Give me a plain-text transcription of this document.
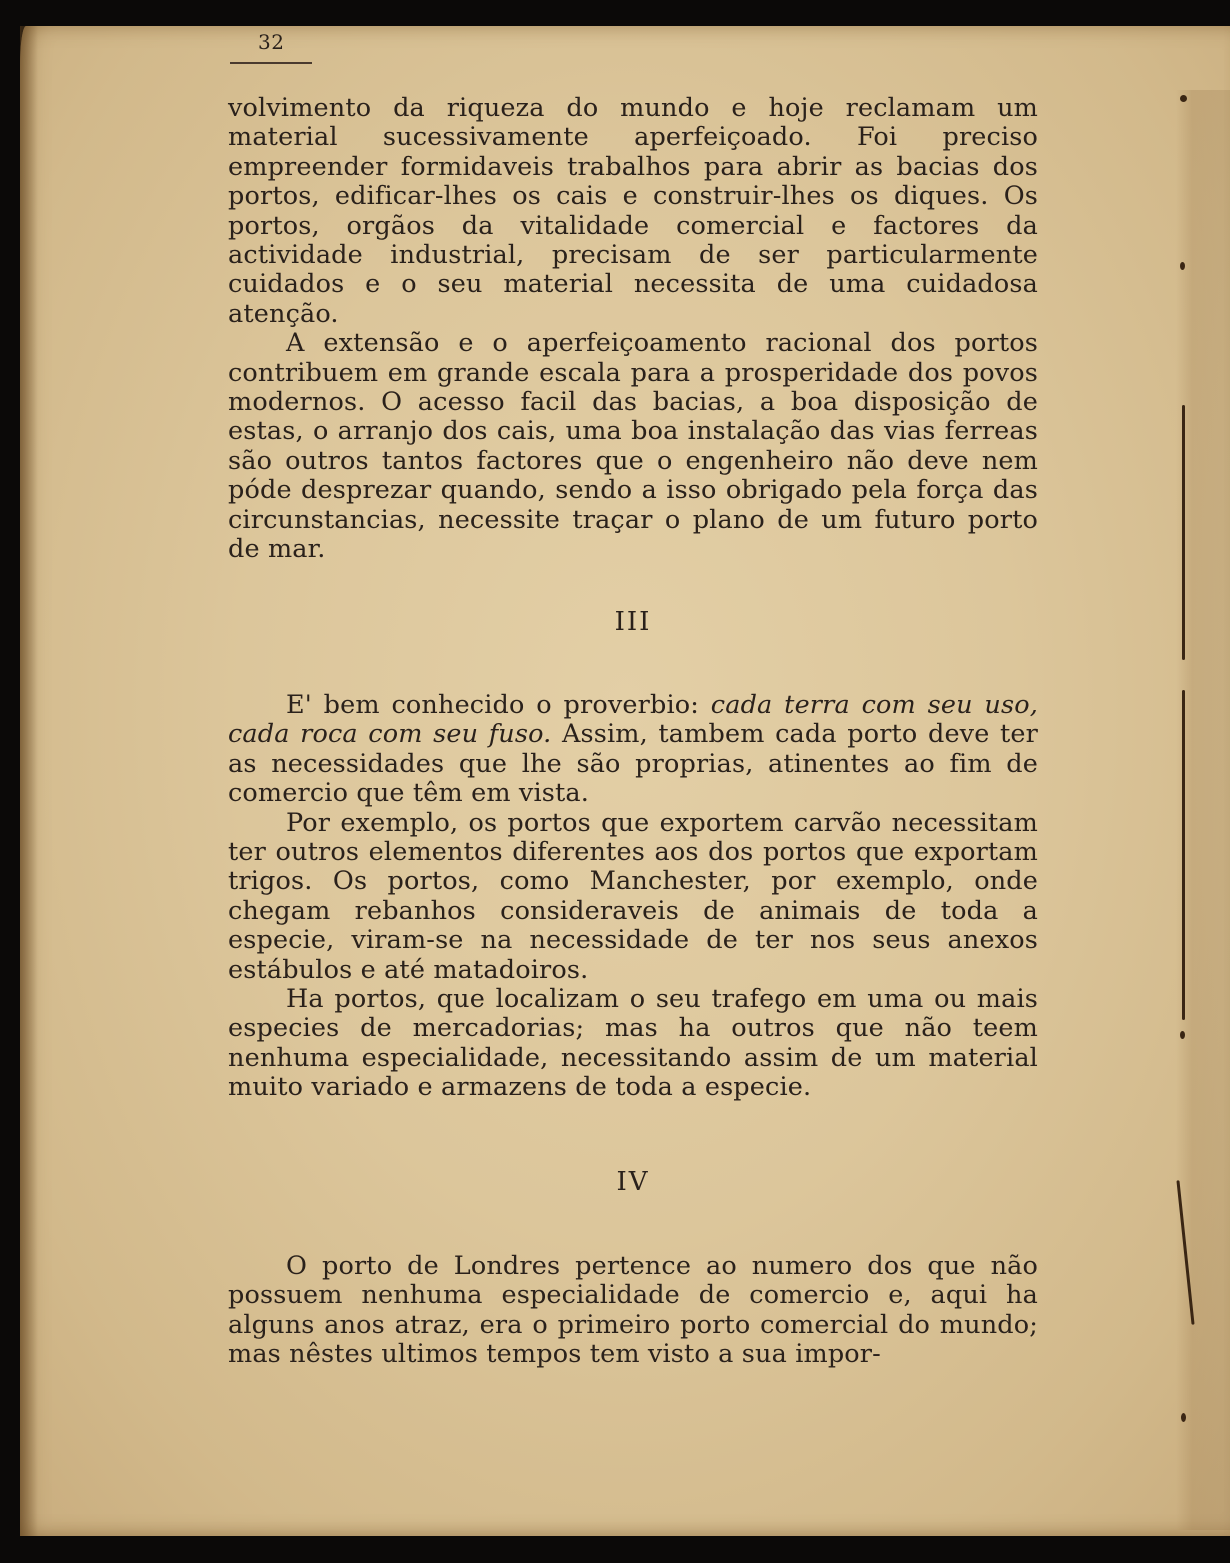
32

volvimento da riqueza do mundo e hoje reclamam um material sucessivamente aperfeiçoado. Foi preciso empreender formidaveis trabalhos para abrir as bacias dos portos, edificar-lhes os cais e construir-lhes os diques. Os portos, orgãos da vitalidade comercial e factores da actividade industrial, precisam de ser particularmente cuidados e o seu material necessita de uma cuidadosa atenção.

A extensão e o aperfeiçoamento racional dos portos contribuem em grande escala para a prosperidade dos povos modernos. O acesso facil das bacias, a boa disposição de estas, o arranjo dos cais, uma boa instalação das vias ferreas são outros tantos factores que o engenheiro não deve nem póde desprezar quando, sendo a isso obrigado pela força das circunstancias, necessite traçar o plano de um futuro porto de mar.

III

E' bem conhecido o proverbio: cada terra com seu uso, cada roca com seu fuso. Assim, tambem cada porto deve ter as necessidades que lhe são proprias, atinentes ao fim de comercio que têm em vista.

Por exemplo, os portos que exportem carvão necessitam ter outros elementos diferentes aos dos portos que exportam trigos. Os portos, como Manchester, por exemplo, onde chegam rebanhos consideraveis de animais de toda a especie, viram-se na necessidade de ter nos seus anexos estábulos e até matadoiros.

Ha portos, que localizam o seu trafego em uma ou mais especies de mercadorias; mas ha outros que não teem nenhuma especialidade, necessitando assim de um material muito variado e armazens de toda a especie.

IV

O porto de Londres pertence ao numero dos que não possuem nenhuma especialidade de comercio e, aqui ha alguns anos atraz, era o primeiro porto comercial do mundo; mas nêstes ultimos tempos tem visto a sua impor-
